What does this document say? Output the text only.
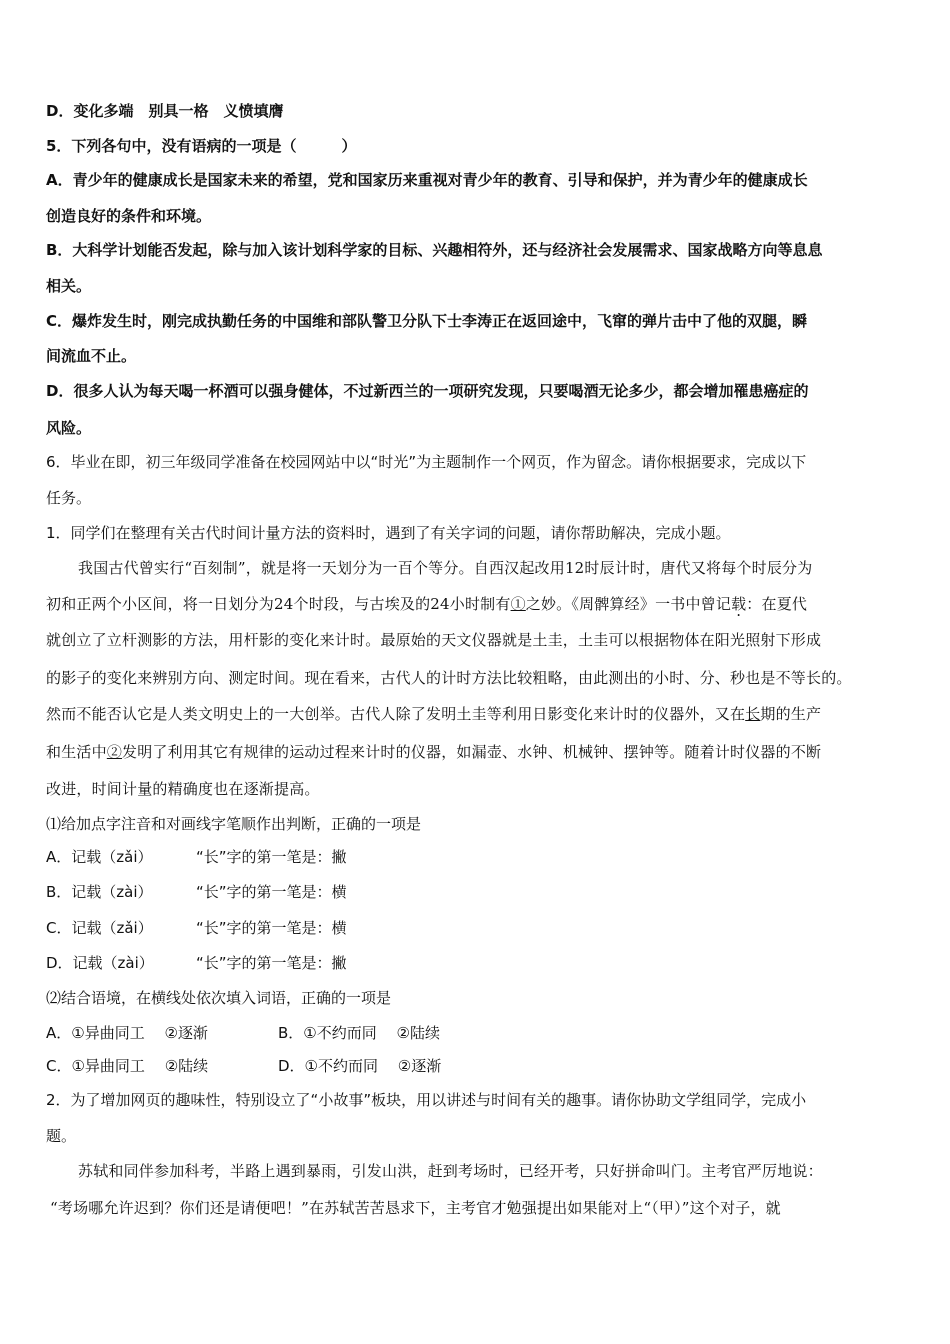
D．变化多端　别具一格　义愤填膺
5．下列各句中，没有语病的一项是（　　　）
A．青少年的健康成长是国家未来的希望，党和国家历来重视对青少年的教育、引导和保护，并为青少年的健康成长
创造良好的条件和环境。
B．大科学计划能否发起，除与加入该计划科学家的目标、兴趣相符外，还与经济社会发展需求、国家战略方向等息息
相关。
C．爆炸发生时，刚完成执勤任务的中国维和部队警卫分队下士李涛正在返回途中，飞窜的弹片击中了他的双腿，瞬
间流血不止。
D．很多人认为每天喝一杯酒可以强身健体，不过新西兰的一项研究发现，只要喝酒无论多少，都会增加罹患癌症的
风险。
6．毕业在即，初三年级同学准备在校园网站中以“时光”为主题制作一个网页，作为留念。请你根据要求，完成以下
任务。
1．同学们在整理有关古代时间计量方法的资料时，遇到了有关字词的问题，请你帮助解决，完成小题。
我国古代曾实行“百刻制”，就是将一天划分为一百个等分。自西汉起改用12时辰计时，唐代又将每个时辰分为
初和正两个小区间，将一日划分为24个时段，与古埃及的24小时制有①之妙。《周髀算经》一书中曾记载：在夏代
就创立了立杆测影的方法，用杆影的变化来计时。最原始的天文仪器就是土圭，土圭可以根据物体在阳光照射下形成
的影子的变化来辨别方向、测定时间。现在看来，古代人的计时方法比较粗略，由此测出的小时、分、秒也是不等长的。
然而不能否认它是人类文明史上的一大创举。古代人除了发明土圭等利用日影变化来计时的仪器外，又在长期的生产
和生活中②发明了利用其它有规律的运动过程来计时的仪器，如漏壶、水钟、机械钟、摆钟等。随着计时仪器的不断
改进，时间计量的精确度也在逐渐提高。
⑴给加点字注音和对画线字笔顺作出判断，正确的一项是
A．记载（zǎi）	“长”字的第一笔是：撇
B．记载（zài）	“长”字的第一笔是：横
C．记载（zǎi）	“长”字的第一笔是：横
D．记载（zài）	“长”字的第一笔是：撇
⑵结合语境，在横线处依次填入词语，正确的一项是
A．①异曲同工　 ②逐渐	B．①不约而同　 ②陆续
C．①异曲同工　 ②陆续	D．①不约而同　 ②逐渐
2．为了增加网页的趣味性，特别设立了“小故事”板块，用以讲述与时间有关的趣事。请你协助文学组同学，完成小
题。
苏轼和同伴参加科考，半路上遇到暴雨，引发山洪，赶到考场时，已经开考，只好拼命叫门。主考官严厉地说：
“考场哪允许迟到？你们还是请便吧！”在苏轼苦苦恳求下，主考官才勉强提出如果能对上“（甲）”这个对子，就
